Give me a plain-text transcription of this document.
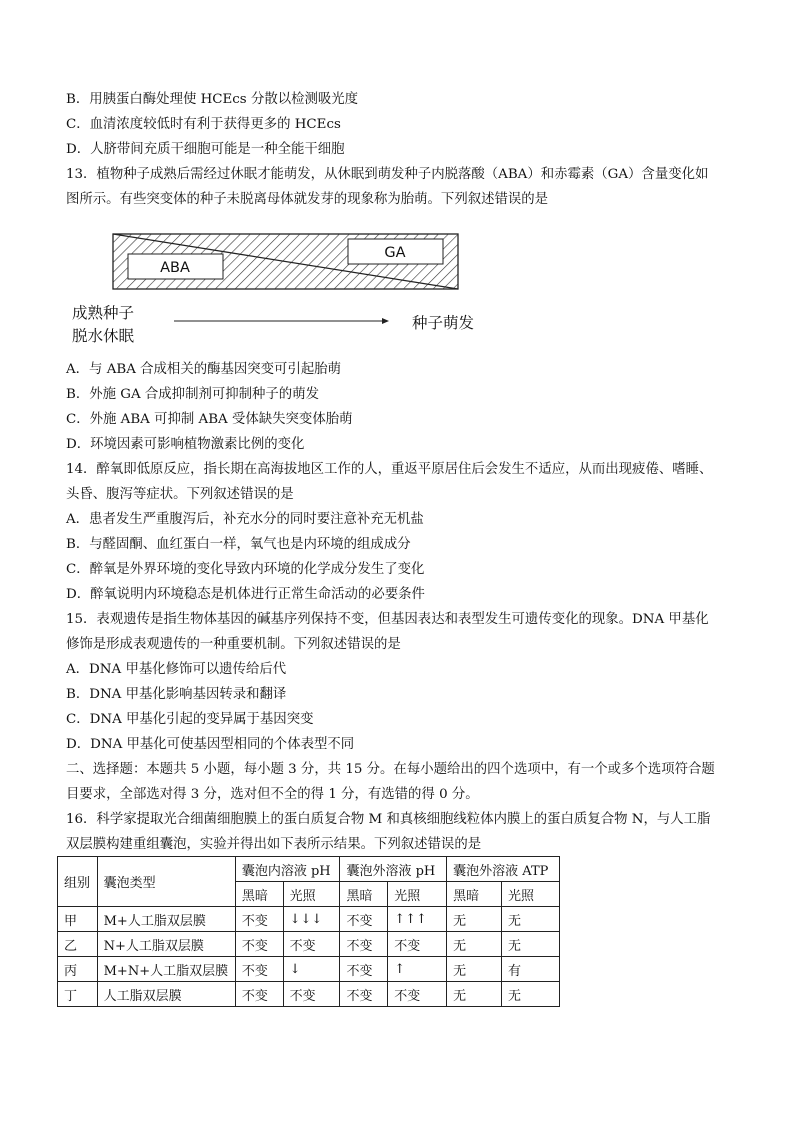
B．用胰蛋白酶处理使 HCEcs 分散以检测吸光度
C．血清浓度较低时有利于获得更多的 HCEcs
D．人脐带间充质干细胞可能是一种全能干细胞
13．植物种子成熟后需经过休眠才能萌发，从休眠到萌发种子内脱落酸（ABA）和赤霉素（GA）含量变化如
图所示。有些突变体的种子未脱离母体就发芽的现象称为胎萌。下列叙述错误的是
ABA
GA
成熟种子
脱水休眠
种子萌发
A．与 ABA 合成相关的酶基因突变可引起胎萌
B．外施 GA 合成抑制剂可抑制种子的萌发
C．外施 ABA 可抑制 ABA 受体缺失突变体胎萌
D．环境因素可影响植物激素比例的变化
14．醉氧即低原反应，指长期在高海拔地区工作的人，重返平原居住后会发生不适应，从而出现疲倦、嗜睡、
头昏、腹泻等症状。下列叙述错误的是
A．患者发生严重腹泻后，补充水分的同时要注意补充无机盐
B．与醛固酮、血红蛋白一样，氧气也是内环境的组成成分
C．醉氧是外界环境的变化导致内环境的化学成分发生了变化
D．醉氧说明内环境稳态是机体进行正常生命活动的必要条件
15．表观遗传是指生物体基因的碱基序列保持不变，但基因表达和表型发生可遗传变化的现象。DNA 甲基化
修饰是形成表观遗传的一种重要机制。下列叙述错误的是
A．DNA 甲基化修饰可以遗传给后代
B．DNA 甲基化影响基因转录和翻译
C．DNA 甲基化引起的变异属于基因突变
D．DNA 甲基化可使基因型相同的个体表型不同
二、选择题：本题共 5 小题，每小题 3 分，共 15 分。在每小题给出的四个选项中，有一个或多个选项符合题
目要求，全部选对得 3 分，选对但不全的得 1 分，有选错的得 0 分。
16．科学家提取光合细菌细胞膜上的蛋白质复合物 M 和真核细胞线粒体内膜上的蛋白质复合物 N，与人工脂
双层膜构建重组囊泡，实验并得出如下表所示结果。下列叙述错误的是
组别	囊泡类型	囊泡内溶液 pH		囊泡外溶液 pH		囊泡外溶液 ATP	
		黑暗	光照	黑暗	光照	黑暗	光照
甲	M+人工脂双层膜	不变	↓↓↓	不变	↑↑↑	无	无
乙	N+人工脂双层膜	不变	不变	不变	不变	无	无
丙	M+N+人工脂双层膜	不变	↓	不变	↑	无	有
丁	人工脂双层膜	不变	不变	不变	不变	无	无
